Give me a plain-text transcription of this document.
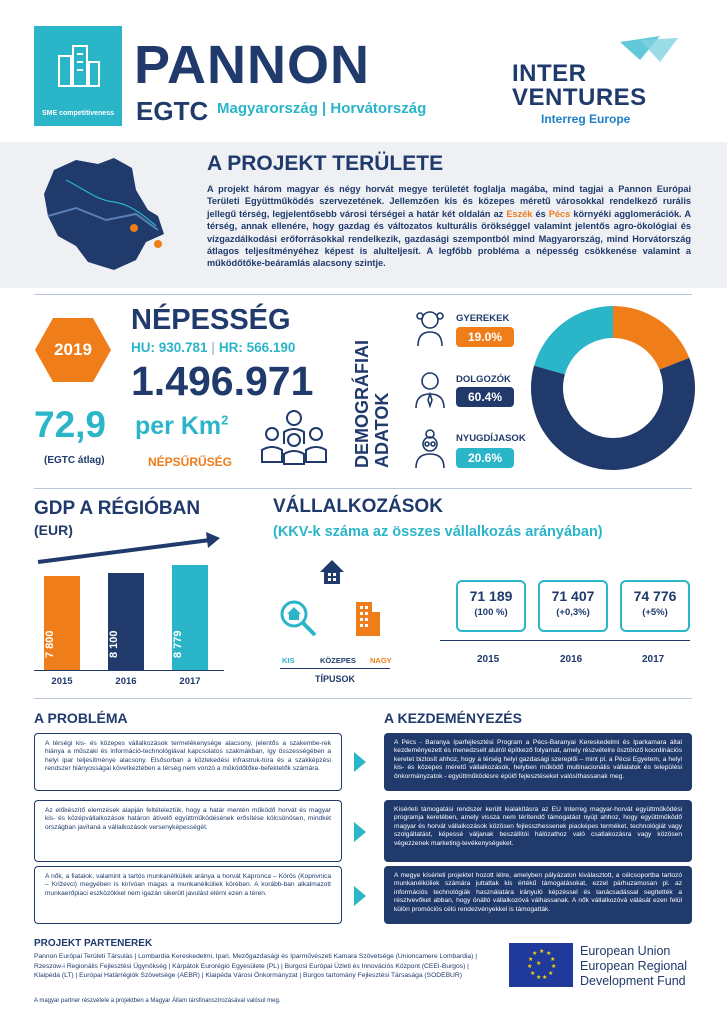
SME competitiveness
PANNON
EGTC Magyarország | Horvátország
INTER
VENTURES
Interreg Europe
A PROJEKT TERÜLETE
A projekt három magyar és négy horvát megye területét foglalja magába, mind tagjai a Pannon Európai Területi Együttműködés szervezetének. Jellemzően kis és közepes méretű városokkal rendelkező rurális jellegű térség, legjelentősebb városi térségei a határ két oldalán az Eszék és Pécs környéki agglomerációk. A térség, annak ellenére, hogy gazdag és változatos kulturális örökséggel valamint jelentős agro-ökológiai és vízgazdálkodási erőforrásokkal rendelkezik, gazdasági szempontból mind Magyarország, mind Horvátország átlagos teljesítményéhez képest is alulteljesít. A legfőbb probléma a népesség csökkenése valamint a működőtőke-beáramlás alacsony szintje.
2019
NÉPESSÉG
HU: 930.781 | HR: 566.190
1.496.971
72,9 per Km$^2$
(EGTC átlag)	NÉPSŰRŰSÉG	DEMOGRÁFIAI ADATOK
GYEREKEK
19.0%
DOLGOZÓK
60.4%
NYUGDÍJASOK
20.6%
GDP A RÉGIÓBAN
(EUR)
7 800
2015
8 100
2016
8 779
2017
VÁLLALKOZÁSOK
(KKV-k száma az összes vállalkozás arányában)
KIS	KÖZEPES NAGY
TÍPUSOK
71 189
(100 %)
71 407
(+0,3%)
74 776
(+5%)
2015	2016	2017
A PROBLÉMA	A KEZDEMÉNYEZÉS
A térségi kis- és közepes vállalkozások termelékenysége alacsony, jelentős a szakembe-rek hiánya a műszaki és információ-technológiával kapcsolatos szakmákban, így összességében a helyi ipar teljesítménye alacsony. Elsősorban a közlekedési infrastruk-túra és a szakképzési rendszer hiányosságai következtében a térség nem vonzó a működőtőke-befektetők számára.
A Pécs - Baranya Iparfejlesztési Program a Pécs-Baranyai Kereskedelmi és Iparkamara által kezdeményezett és menedzselt alulról építkező folyamat, amely részvételre ösztönző koordinációs keretet biztosít ahhoz, hogy a térség helyi gazdasági szereplői – mint pl. a Pécsi Egyetem, a helyi kis- és közepes méretű vállalkozások, helyben működő multinacionális vállalatok és települési önkormányzatok - együttműködésre épülő fejlesztéseket valósíthassanak meg.
Az előkészítő elemzések alapján feltételeztük, hogy a határ mentén működő horvát és magyar kis- és középvállalkozások határon átívelő együttműködésének erősítése kölcsönösen, mindkét országban javítaná a vállalkozások versenyképességét.
Kísérleti támogatási rendszer került kialakításra az EU Interreg magyar-horvát együttműködési programja keretében, amely vissza nem térítendő támogatást nyújt ahhoz, hogy együttműködő magyar és horvát vállalkozások közösen fejlesszhessenek piacképes terméket, technológiát vagy szolgáltatást, képessé váljanak beszállítói hálózathoz való csatlakozásra vagy közösen végezzenek marketing-tevékenységeket.
A nők, a fiatalok, valamint a tartós munkanélküliek aránya a horvát Kapronca – Körös (Koprivnica – Križevci) megyében is kirívóan magas a munkanélküliek körében. A korább-ban alkalmazott munkaerőpiaci eszközökkel nem igazán sikerült javulást elérni ezen a téren.
A megye kísérleti projektet hozott létre, amelyben pályázaton kiválasztott, a célcsoportba tartozó munkanélküliek számára juttattak kis értékű támogatásokat, ezzel párhuzamosan pl. az információs technológiák használatára irányuló képzéssel és tanácsadással segítették a résztvevőket abban, hogy önálló vállalkozóvá válhassanak. A nők vállalkozóvá válását ezen felül külön promóciós célú rendezvényekkel is támogatták.
PROJEKT PARTENEREK
Pannon Európai Területi Társulás | Lombardia Kereskedelmi, Ipari, Mezőgazdasági és Iparművészeti Kamara Szövetsége (Unioncamere Lombardia) | Rzeszow-i Regionális Fejlesztési Ügynökség | Kárpátok Eurorégió Egyesülete (PL) | Burgosi Európai Üzleti és Innovációs Központ (CEEI-Burgos) | Klaipėda (LT) | Európai Határrégiók Szövetsége (AEBR) | Klaipėda Városi Önkormányzat | Burgos tartomány Fejlesztési Társasága (SODEBUR)
A magyar partner részvétele a projektben a Magyar Állam társfinanszírozásával valósul meg.
★ ★
★
★
★
★
★
★
★
★
★
★
European Union
European Regional
Development Fund
